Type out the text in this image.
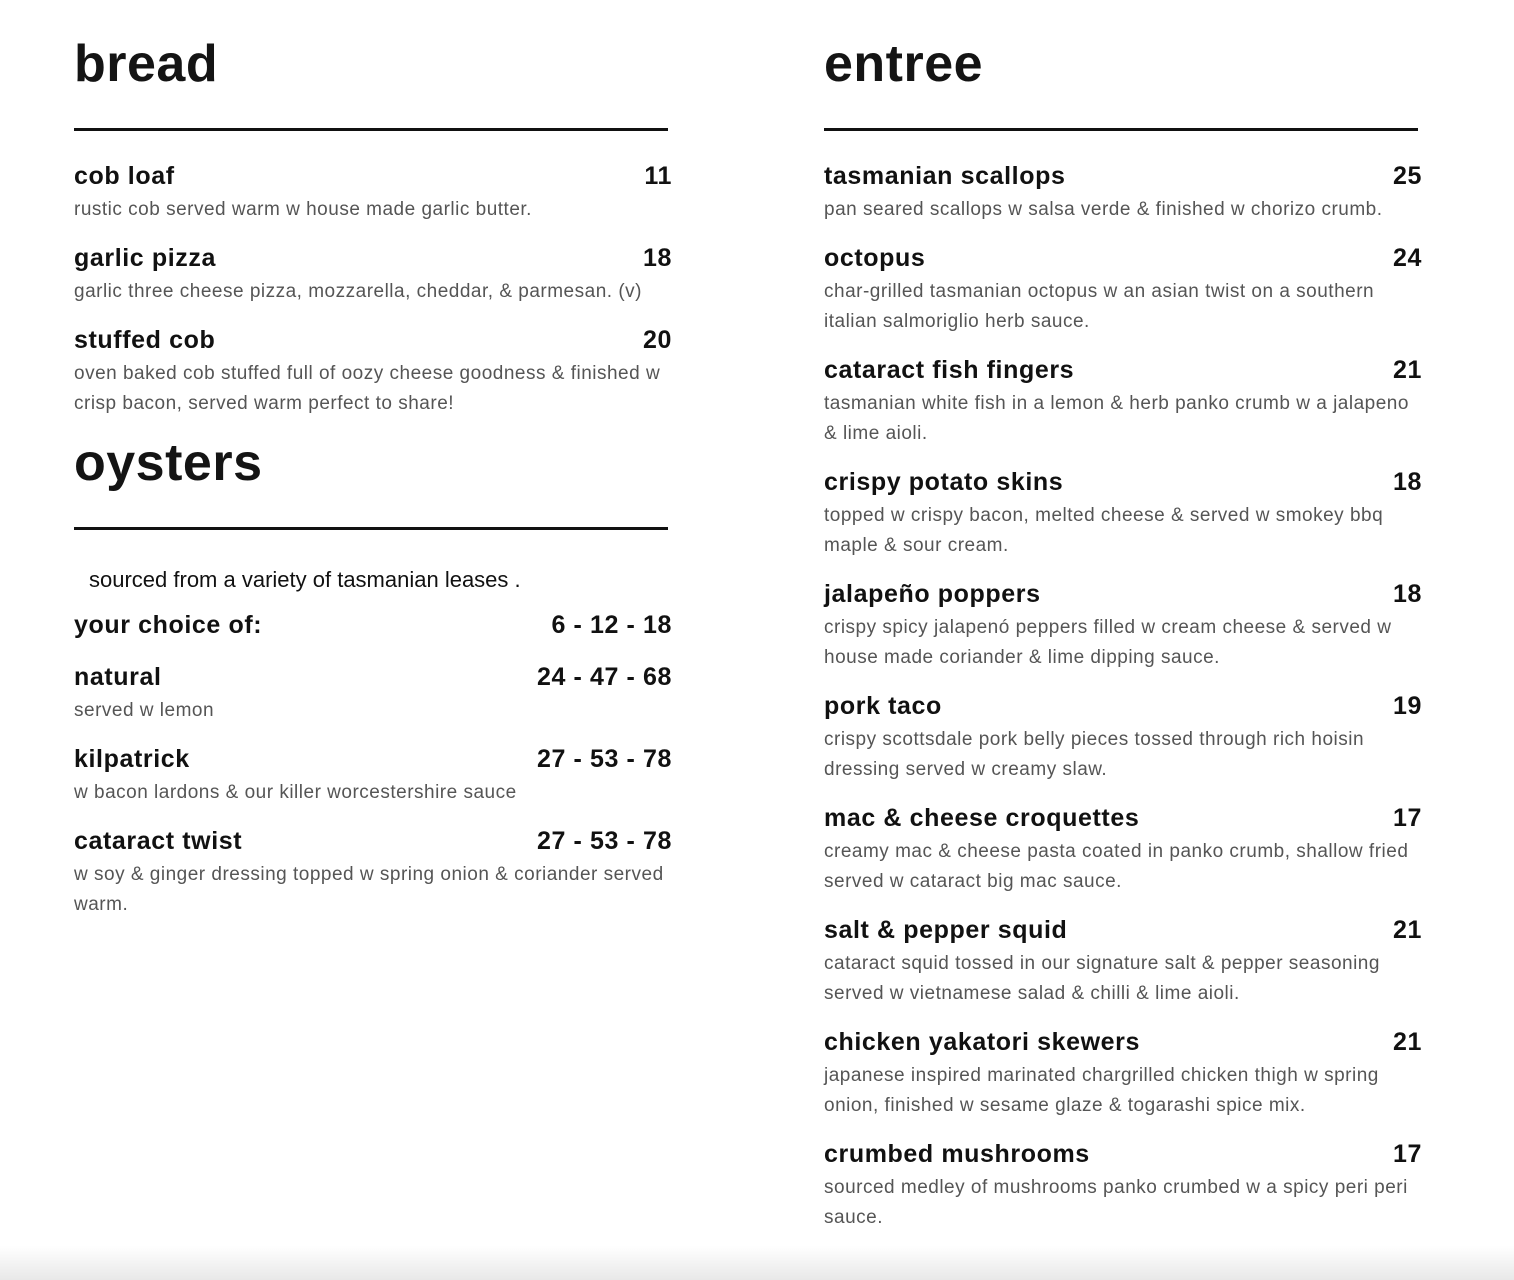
bread
cob loaf	11
rustic cob served warm w house made garlic butter.
garlic pizza	18
garlic three cheese pizza, mozzarella, cheddar, & parmesan. (v)
stuffed cob	20
oven baked cob stuffed full of oozy cheese goodness & finished w crisp bacon, served warm perfect to share!
oysters
sourced from a variety of tasmanian leases .
your choice of:	6 - 12 - 18
natural	24 - 47 - 68
served w lemon
kilpatrick	27 - 53 - 78
w bacon lardons & our killer worcestershire sauce
cataract twist	27 - 53 - 78
w soy & ginger dressing topped w spring onion & coriander served warm.
entree
tasmanian scallops	25
pan seared scallops w salsa verde & finished w chorizo crumb.
octopus	24
char-grilled tasmanian octopus w an asian twist on a southern italian salmoriglio herb sauce.
cataract fish fingers	21
tasmanian white fish in a lemon & herb panko crumb w a jalapeno & lime aioli.
crispy potato skins	18
topped w crispy bacon, melted cheese & served w smokey bbq maple & sour cream.
jalapeño poppers	18
crispy spicy jalapenó peppers filled w cream cheese & served w house made coriander & lime dipping sauce.
pork taco	19
crispy scottsdale pork belly pieces tossed through rich hoisin dressing served w creamy slaw.
mac & cheese croquettes	17
creamy mac & cheese pasta coated in panko crumb, shallow fried served w cataract big mac sauce.
salt & pepper squid	21
cataract squid tossed in our signature salt & pepper seasoning served w vietnamese salad & chilli & lime aioli.
chicken yakatori skewers	21
japanese inspired marinated chargrilled chicken thigh w spring onion, finished w sesame glaze & togarashi spice mix.
crumbed mushrooms	17
sourced medley of mushrooms panko crumbed w a spicy peri peri sauce.
